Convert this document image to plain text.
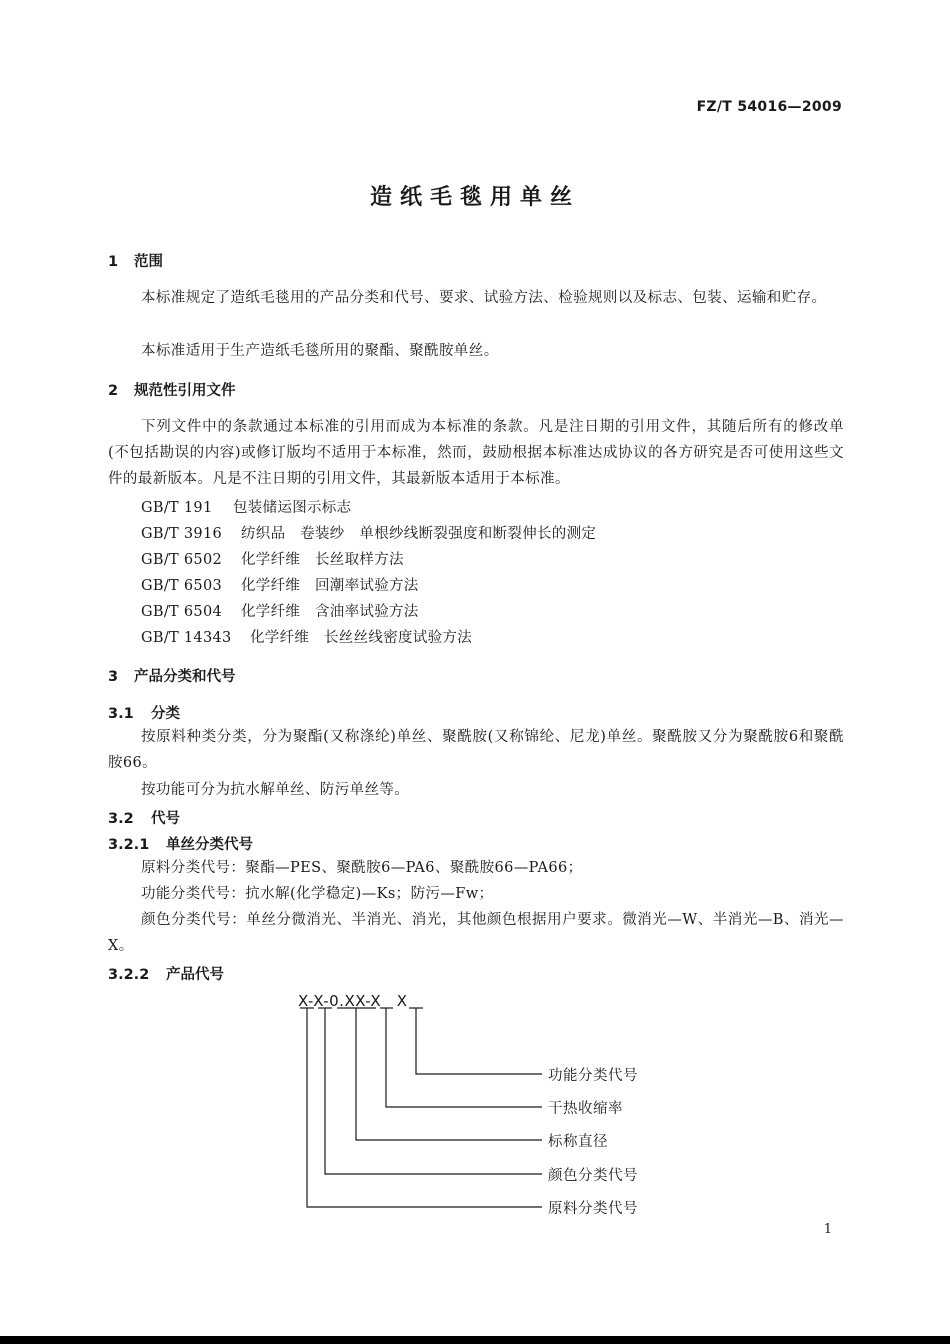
FZ/T 54016—2009
造纸毛毯用单丝
1 范围
本标准规定了造纸毛毯用的产品分类和代号、要求、试验方法、检验规则以及标志、包装、运输和贮存。
本标准适用于生产造纸毛毯所用的聚酯、聚酰胺单丝。
2 规范性引用文件
下列文件中的条款通过本标准的引用而成为本标准的条款。凡是注日期的引用文件，其随后所有的修改单(不包括勘误的内容)或修订版均不适用于本标准，然而，鼓励根据本标准达成协议的各方研究是否可使用这些文件的最新版本。凡是不注日期的引用文件，其最新版本适用于本标准。
GB/T 191 包装储运图示标志
GB/T 3916 纺织品　卷装纱　单根纱线断裂强度和断裂伸长的测定
GB/T 6502 化学纤维　长丝取样方法
GB/T 6503 化学纤维　回潮率试验方法
GB/T 6504 化学纤维　含油率试验方法
GB/T 14343 化学纤维　长丝丝线密度试验方法
3 产品分类和代号
3.1 分类
按原料种类分类，分为聚酯(又称涤纶)单丝、聚酰胺(又称锦纶、尼龙)单丝。聚酰胺又分为聚酰胺6和聚酰胺66。
按功能可分为抗水解单丝、防污单丝等。
3.2 代号
3.2.1 单丝分类代号
原料分类代号：聚酯—PES、聚酰胺6—PA6、聚酰胺66—PA66；
功能分类代号：抗水解(化学稳定)—Ks；防污—Fw；
颜色分类代号：单丝分微消光、半消光、消光，其他颜色根据用户要求。微消光—W、半消光—B、消光—X。
3.2.2 产品代号
X-X-0.XX-X　X
功能分类代号
干热收缩率
标称直径
颜色分类代号
原料分类代号
1
